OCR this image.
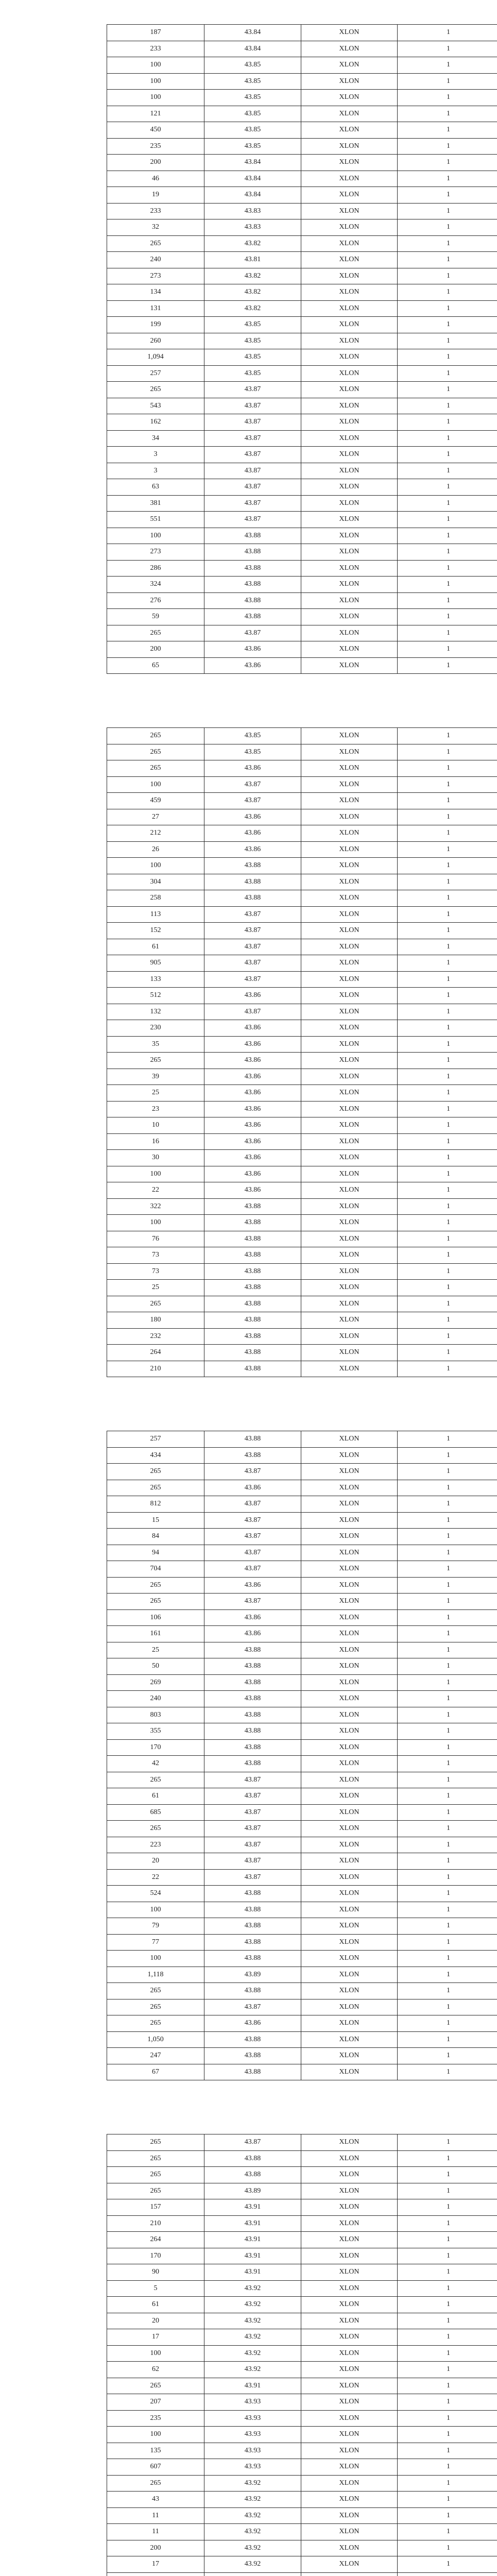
187	43.84	XLON	1
233	43.84	XLON	1
100	43.85	XLON	1
100	43.85	XLON	1
100	43.85	XLON	1
121	43.85	XLON	1
450	43.85	XLON	1
235	43.85	XLON	1
200	43.84	XLON	1
46	43.84	XLON	1
19	43.84	XLON	1
233	43.83	XLON	1
32	43.83	XLON	1
265	43.82	XLON	1
240	43.81	XLON	1
273	43.82	XLON	1
134	43.82	XLON	1
131	43.82	XLON	1
199	43.85	XLON	1
260	43.85	XLON	1
1,094	43.85	XLON	1
257	43.85	XLON	1
265	43.87	XLON	1
543	43.87	XLON	1
162	43.87	XLON	1
34	43.87	XLON	1
3	43.87	XLON	1
3	43.87	XLON	1
63	43.87	XLON	1
381	43.87	XLON	1
551	43.87	XLON	1
100	43.88	XLON	1
273	43.88	XLON	1
286	43.88	XLON	1
324	43.88	XLON	1
276	43.88	XLON	1
59	43.88	XLON	1
265	43.87	XLON	1
200	43.86	XLON	1
65	43.86	XLON	1
265	43.85	XLON	1
265	43.85	XLON	1
265	43.86	XLON	1
100	43.87	XLON	1
459	43.87	XLON	1
27	43.86	XLON	1
212	43.86	XLON	1
26	43.86	XLON	1
100	43.88	XLON	1
304	43.88	XLON	1
258	43.88	XLON	1
113	43.87	XLON	1
152	43.87	XLON	1
61	43.87	XLON	1
905	43.87	XLON	1
133	43.87	XLON	1
512	43.86	XLON	1
132	43.87	XLON	1
230	43.86	XLON	1
35	43.86	XLON	1
265	43.86	XLON	1
39	43.86	XLON	1
25	43.86	XLON	1
23	43.86	XLON	1
10	43.86	XLON	1
16	43.86	XLON	1
30	43.86	XLON	1
100	43.86	XLON	1
22	43.86	XLON	1
322	43.88	XLON	1
100	43.88	XLON	1
76	43.88	XLON	1
73	43.88	XLON	1
73	43.88	XLON	1
25	43.88	XLON	1
265	43.88	XLON	1
180	43.88	XLON	1
232	43.88	XLON	1
264	43.88	XLON	1
210	43.88	XLON	1
257	43.88	XLON	1
434	43.88	XLON	1
265	43.87	XLON	1
265	43.86	XLON	1
812	43.87	XLON	1
15	43.87	XLON	1
84	43.87	XLON	1
94	43.87	XLON	1
704	43.87	XLON	1
265	43.86	XLON	1
265	43.87	XLON	1
106	43.86	XLON	1
161	43.86	XLON	1
25	43.88	XLON	1
50	43.88	XLON	1
269	43.88	XLON	1
240	43.88	XLON	1
803	43.88	XLON	1
355	43.88	XLON	1
170	43.88	XLON	1
42	43.88	XLON	1
265	43.87	XLON	1
61	43.87	XLON	1
685	43.87	XLON	1
265	43.87	XLON	1
223	43.87	XLON	1
20	43.87	XLON	1
22	43.87	XLON	1
524	43.88	XLON	1
100	43.88	XLON	1
79	43.88	XLON	1
77	43.88	XLON	1
100	43.88	XLON	1
1,118	43.89	XLON	1
265	43.88	XLON	1
265	43.87	XLON	1
265	43.86	XLON	1
1,050	43.88	XLON	1
247	43.88	XLON	1
67	43.88	XLON	1
265	43.87	XLON	1
265	43.88	XLON	1
265	43.88	XLON	1
265	43.89	XLON	1
157	43.91	XLON	1
210	43.91	XLON	1
264	43.91	XLON	1
170	43.91	XLON	1
90	43.91	XLON	1
5	43.92	XLON	1
61	43.92	XLON	1
20	43.92	XLON	1
17	43.92	XLON	1
100	43.92	XLON	1
62	43.92	XLON	1
265	43.91	XLON	1
207	43.93	XLON	1
235	43.93	XLON	1
100	43.93	XLON	1
135	43.93	XLON	1
607	43.93	XLON	1
265	43.92	XLON	1
43	43.92	XLON	1
11	43.92	XLON	1
11	43.92	XLON	1
200	43.92	XLON	1
17	43.92	XLON	1
